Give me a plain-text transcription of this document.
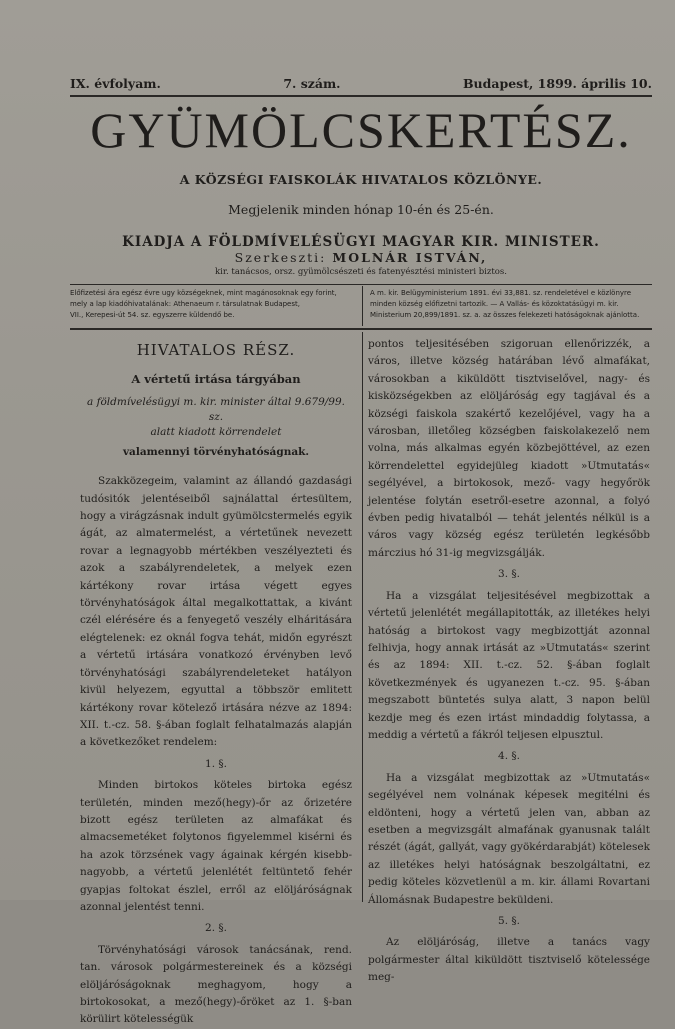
IX. évfolyam.	7. szám.	Budapest, 1899. április 10.
GYÜMÖLCSKERTÉSZ.
A KÖZSÉGI FAISKOLÁK HIVATALOS KÖZLÖNYE.
Megjelenik minden hónap 10-én és 25-én.
KIADJA A FÖLDMÍVELÉSÜGYI MAGYAR KIR. MINISTER.
Szerkeszti: MOLNÁR ISTVÁN,
kir. tanácsos, orsz. gyümölcsészeti és fatenyésztési ministeri biztos.
Előfizetési ára egész évre ugy községeknek, mint magánosoknak egy forint,
mely a lap kiadóhivatalának: Athenaeum r. társulatnak Budapest,
VII., Kerepesi-út 54. sz. egyszerre küldendő be.
A m. kir. Belügyministerium 1891. évi 33,881. sz. rendeletével e közlönyre
minden község előfizetni tartozik. — A Vallás- és közoktatásügyi m. kir.
Ministerium 20,899/1891. sz. a. az összes felekezeti hatóságoknak ajánlotta.
HIVATALOS RÉSZ.
A vértetű irtása tárgyában
a földmívelésügyi m. kir. minister által 9.679/99. sz.
alatt kiadott körrendelet
valamennyi törvényhatóságnak.

Szakközegeim, valamint az állandó gazdasági tudósitók jelentéseiből sajnálattal értesültem, hogy a virágzásnak indult gyümölcstermelés egyik ágát, az almatermelést, a vértetűnek nevezett rovar a legnagyobb mértékben veszélyezteti és azok a szabályrendeletek, a melyek ezen kártékony rovar irtása végett egyes törvényhatóságok által megalkottattak, a kivánt czél elérésére és a fenyegető veszély elháritására elégtelenek: ez oknál fogva tehát, midőn egyrészt a vértetű irtására vonatkozó érvényben levő törvényhatósági szabályrendeleteket hatályon kivül helyezem, egyuttal a többször emlitett kártékony rovar kötelező irtására nézve az 1894: XII. t.-cz. 58. §-ában foglalt felhatalmazás alapján a következőket rendelem:

1. §.

Minden birtokos köteles birtoka egész területén, minden mező(hegy)-őr az őrizetére bizott egész területen az almafákat és almacsemetéket folytonos figyelemmel kisérni és ha azok törzsének vagy ágainak kérgén kisebb-nagyobb, a vértetű jelenlétét feltüntető fehér gyapjas foltokat észlel, erről az elöljáróságnak azonnal jelentést tenni.

2. §.

Törvényhatósági városok tanácsának, rend. tan. városok polgármestereinek és a községi elöljáróságoknak meghagyom, hogy a birtokosokat, a mező(hegy)-őröket az 1. §-ban körülirt kötelességük

pontos teljesitésében szigoruan ellenőrizzék, a város, illetve község határában lévő almafákat, városokban a kiküldött tisztviselővel, nagy- és kisközségekben az elöljáróság egy tagjával és a községi faiskola szakértő kezelőjével, vagy ha a városban, illetőleg községben faiskolakezelő nem volna, más alkalmas egyén közbejöttével, az ezen körrendelettel egyidejüleg kiadott »Utmutatás« segélyével, a birtokosok, mező- vagy hegyőrök jelentése folytán esetről-esetre azonnal, a folyó évben pedig hivatalból — tehát jelentés nélkül is a város vagy község egész területén legkésőbb márczius hó 31-ig megvizsgálják.

3. §.

Ha a vizsgálat teljesitésével megbizottak a vértetű jelenlétét megállapitották, az illetékes helyi hatóság a birtokost vagy megbizottját azonnal felhivja, hogy annak irtását az »Utmutatás« szerint és az 1894: XII. t.-cz. 52. §-ában foglalt következmények és ugyanezen t.-cz. 95. §-ában megszabott büntetés sulya alatt, 3 napon belül kezdje meg és ezen irtást mindaddig folytassa, a meddig a vértetű a fákról teljesen elpusztul.

4. §.

Ha a vizsgálat megbizottak az »Utmutatás« segélyével nem volnának képesek megitélni és eldönteni, hogy a vértetű jelen van, abban az esetben a megvizsgált almafának gyanusnak talált részét (ágát, gallyát, vagy gyökérdarabját) kötelesek az illetékes helyi hatóságnak beszolgáltatni, ez pedig köteles közvetlenül a m. kir. állami Rovartani Állomásnak Budapestre beküldeni.

5. §.

Az elöljáróság, illetve a tanács vagy polgármester által kiküldött tisztviselő kötelessége meg-
